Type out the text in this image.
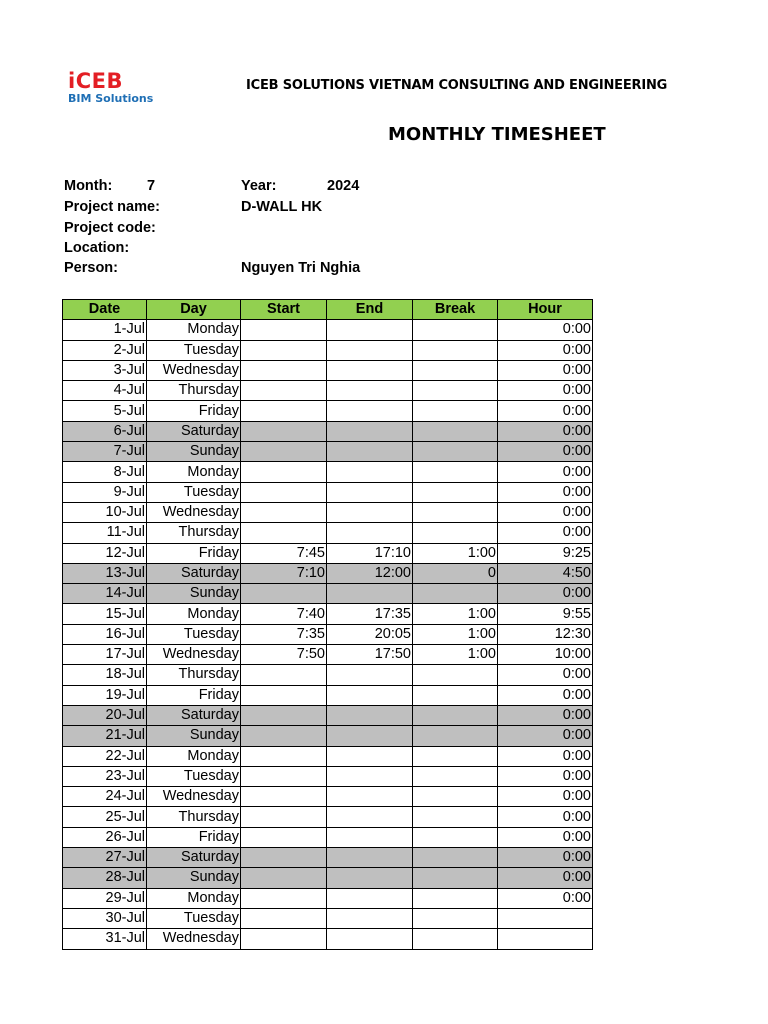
iCEB
BIM Solutions
ICEB SOLUTIONS VIETNAM CONSULTING AND ENGINEERING
MONTHLY TIMESHEET
Month: 7	Year:	2024
Project name:	D-WALL HK
Project code:
Location:
Person:	Nguyen Tri Nghia
Date	Day	Start	End	Break	Hour
1-Jul	Monday				0:00
2-Jul	Tuesday				0:00
3-Jul	Wednesday				0:00
4-Jul	Thursday				0:00
5-Jul	Friday				0:00
6-Jul	Saturday				0:00
7-Jul	Sunday				0:00
8-Jul	Monday				0:00
9-Jul	Tuesday				0:00
10-Jul	Wednesday				0:00
11-Jul	Thursday				0:00
12-Jul	Friday	7:45	17:10	1:00	9:25
13-Jul	Saturday	7:10	12:00	0	4:50
14-Jul	Sunday				0:00
15-Jul	Monday	7:40	17:35	1:00	9:55
16-Jul	Tuesday	7:35	20:05	1:00	12:30
17-Jul	Wednesday	7:50	17:50	1:00	10:00
18-Jul	Thursday				0:00
19-Jul	Friday				0:00
20-Jul	Saturday				0:00
21-Jul	Sunday				0:00
22-Jul	Monday				0:00
23-Jul	Tuesday				0:00
24-Jul	Wednesday				0:00
25-Jul	Thursday				0:00
26-Jul	Friday				0:00
27-Jul	Saturday				0:00
28-Jul	Sunday				0:00
29-Jul	Monday				0:00
30-Jul	Tuesday				
31-Jul	Wednesday				
